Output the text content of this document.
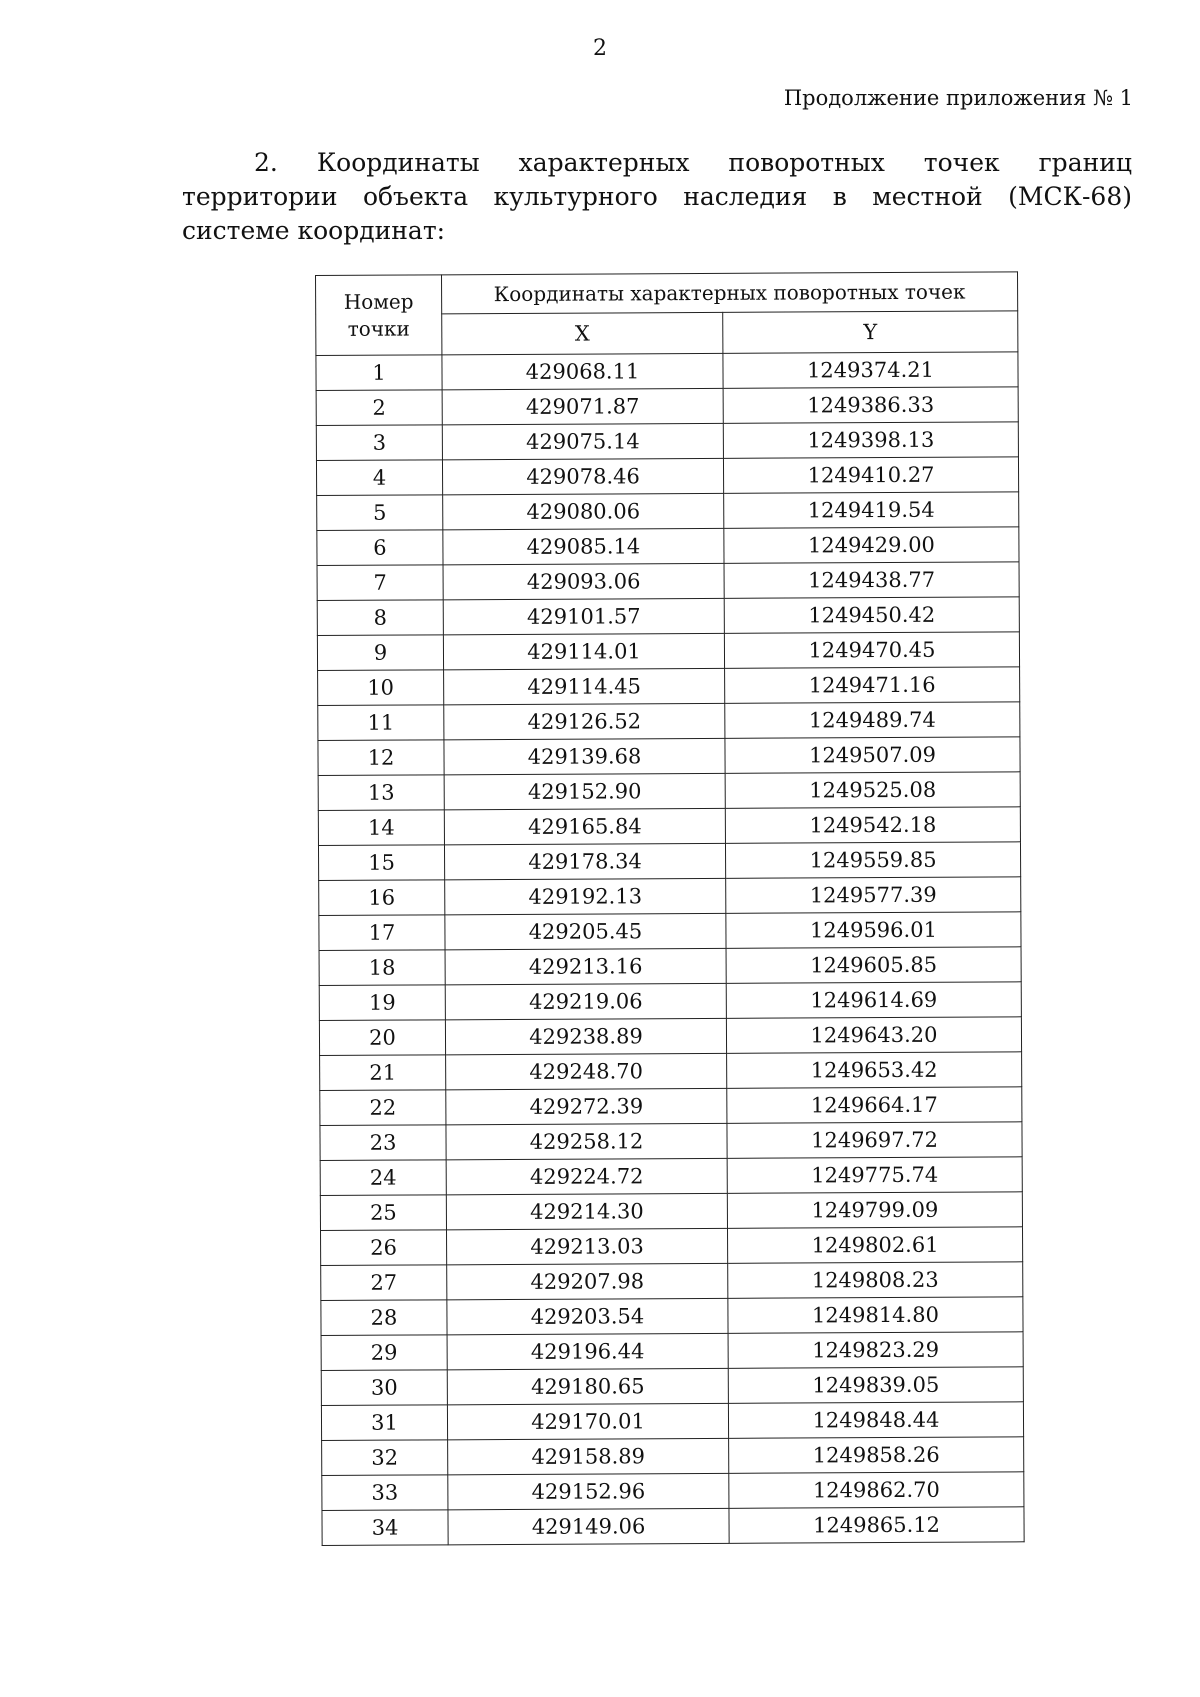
2
Продолжение приложения № 1
2. Координаты характерных поворотных точек границ территории объекта культурного наследия в местной (МСК-68) системе координат:
Номер точки	Координаты характерных поворотных точек	
	X	Y
1	429068.11	1249374.21
2	429071.87	1249386.33
3	429075.14	1249398.13
4	429078.46	1249410.27
5	429080.06	1249419.54
6	429085.14	1249429.00
7	429093.06	1249438.77
8	429101.57	1249450.42
9	429114.01	1249470.45
10	429114.45	1249471.16
11	429126.52	1249489.74
12	429139.68	1249507.09
13	429152.90	1249525.08
14	429165.84	1249542.18
15	429178.34	1249559.85
16	429192.13	1249577.39
17	429205.45	1249596.01
18	429213.16	1249605.85
19	429219.06	1249614.69
20	429238.89	1249643.20
21	429248.70	1249653.42
22	429272.39	1249664.17
23	429258.12	1249697.72
24	429224.72	1249775.74
25	429214.30	1249799.09
26	429213.03	1249802.61
27	429207.98	1249808.23
28	429203.54	1249814.80
29	429196.44	1249823.29
30	429180.65	1249839.05
31	429170.01	1249848.44
32	429158.89	1249858.26
33	429152.96	1249862.70
34	429149.06	1249865.12
